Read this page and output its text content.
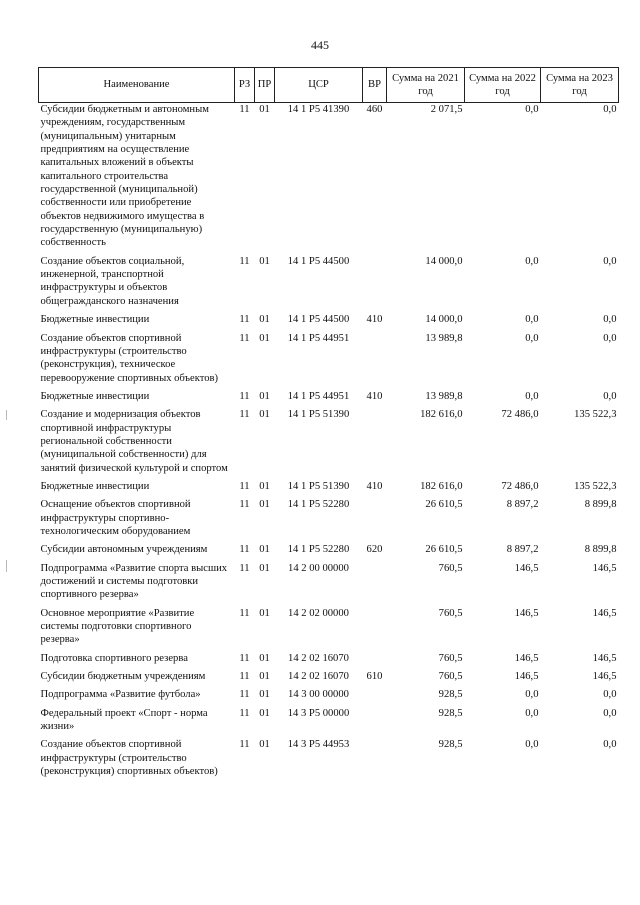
445
Наименование	РЗ	ПР	ЦСР	ВР	Сумма на 2021 год	Сумма на 2022 год	Сумма на 2023 год
Субсидии бюджетным и автономным учреждениям, государственным (муниципальным) унитарным предприятиям на осуществление капитальных вложений в объекты капитального строительства государственной (муниципальной) собственности или приобретение объектов недвижимого имущества в государственную (муниципальную) собственность	11	01	14 1 Р5 41390	460	2 071,5	0,0	0,0
Создание объектов социальной, инженерной, транспортной инфраструктуры и объектов общегражданского назначения	11	01	14 1 Р5 44500		14 000,0	0,0	0,0
Бюджетные инвестиции	11	01	14 1 Р5 44500	410	14 000,0	0,0	0,0
Создание объектов спортивной инфраструктуры (строительство (реконструкция), техническое перевооружение спортивных объектов)	11	01	14 1 Р5 44951		13 989,8	0,0	0,0
Бюджетные инвестиции	11	01	14 1 Р5 44951	410	13 989,8	0,0	0,0
Создание и модернизация объектов спортивной инфраструктуры региональной собственности (муниципальной собственности) для занятий физической культурой и спортом	11	01	14 1 Р5 51390		182 616,0	72 486,0	135 522,3
Бюджетные инвестиции	11	01	14 1 Р5 51390	410	182 616,0	72 486,0	135 522,3
Оснащение объектов спортивной инфраструктуры спортивно-технологическим оборудованием	11	01	14 1 Р5 52280		26 610,5	8 897,2	8 899,8
Субсидии автономным учреждениям	11	01	14 1 Р5 52280	620	26 610,5	8 897,2	8 899,8
Подпрограмма «Развитие спорта высших достижений и системы подготовки спортивного резерва»	11	01	14 2 00 00000		760,5	146,5	146,5
Основное мероприятие «Развитие системы подготовки спортивного резерва»	11	01	14 2 02 00000		760,5	146,5	146,5
Подготовка спортивного резерва	11	01	14 2 02 16070		760,5	146,5	146,5
Субсидии бюджетным учреждениям	11	01	14 2 02 16070	610	760,5	146,5	146,5
Подпрограмма «Развитие футбола»	11	01	14 3 00 00000		928,5	0,0	0,0
Федеральный проект «Спорт - норма жизни»	11	01	14 3 Р5 00000		928,5	0,0	0,0
Создание объектов спортивной инфраструктуры (строительство (реконструкция) спортивных объектов)	11	01	14 3 Р5 44953		928,5	0,0	0,0
